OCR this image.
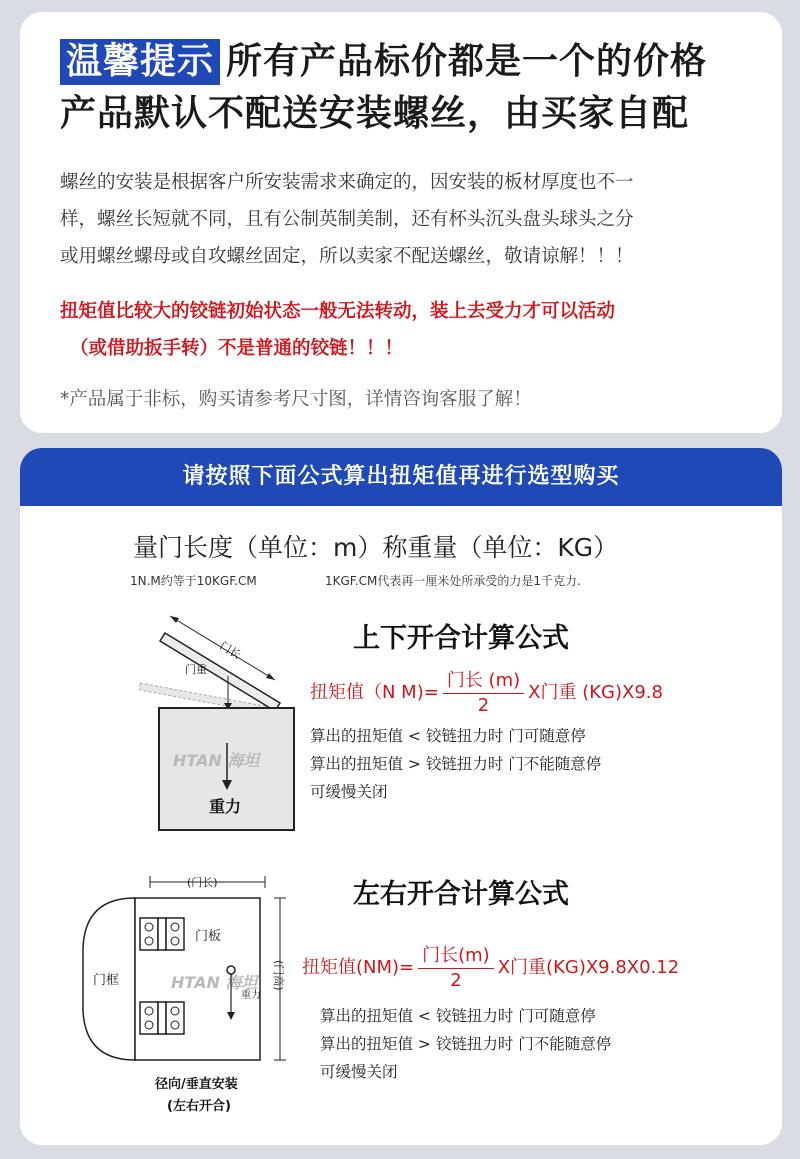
温馨提示 所有产品标价都是一个的价格
产品默认不配送安装螺丝，由买家自配
螺丝的安装是根据客户所安装需求来确定的，因安装的板材厚度也不一
样，螺丝长短就不同，且有公制英制美制，还有杯头沉头盘头球头之分
或用螺丝螺母或自攻螺丝固定，所以卖家不配送螺丝，敬请谅解！！！
扭矩值比较大的铰链初始状态一般无法转动，装上去受力才可以活动
（或借助扳手转）不是普通的铰链！！！
*产品属于非标，购买请参考尺寸图，详情咨询客服了解！
请按照下面公式算出扭矩值再进行选型购买
量门长度（单位：m）称重量（单位：KG）
1N.M约等于10KGF.CM	1KGF.CM代表再一厘米处所承受的力是1千克力.
门长
门重
HTAN 海坦
重力
上下开合计算公式
扭矩值（N $M)= \frac{\text{门长 (m)}}{2}$ X门重 (KG)X9.8
算出的扭矩值 < 铰链扭力时 门可随意停
算出的扭矩值 > 铰链扭力时 门不能随意停
可缓慢关闭
(门长)
门框
门板
HTAN 海坦
重力
(门高)
径向/垂直安装
(左右开合)
左右开合计算公式
扭矩值$(NM)= \frac{\text{门长(m)}}{2}$ X门重(KG)X9.8X0.12
算出的扭矩值 < 铰链扭力时 门可随意停
算出的扭矩值 > 铰链扭力时 门不能随意停
可缓慢关闭
